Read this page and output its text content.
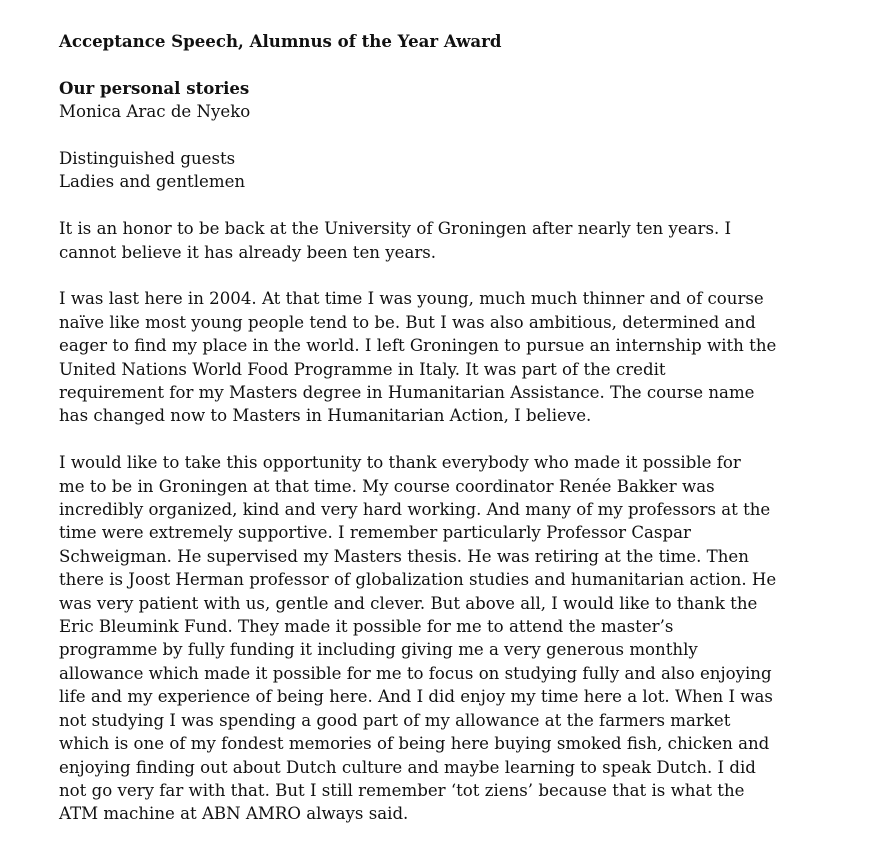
Acceptance Speech, Alumnus of the Year Award
Our personal stories
Monica Arac de Nyeko
Distinguished guests
Ladies and gentlemen
It is an honor to be back at the University of Groningen after nearly ten years. I
cannot believe it has already been ten years.
I was last here in 2004. At that time I was young, much much thinner and of course
naïve like most young people tend to be. But I was also ambitious, determined and
eager to find my place in the world. I left Groningen to pursue an internship with the
United Nations World Food Programme in Italy. It was part of the credit
requirement for my Masters degree in Humanitarian Assistance. The course name
has changed now to Masters in Humanitarian Action, I believe.
I would like to take this opportunity to thank everybody who made it possible for
me to be in Groningen at that time. My course coordinator Renée Bakker was
incredibly organized, kind and very hard working. And many of my professors at the
time were extremely supportive. I remember particularly Professor Caspar
Schweigman. He supervised my Masters thesis. He was retiring at the time. Then
there is Joost Herman professor of globalization studies and humanitarian action. He
was very patient with us, gentle and clever. But above all, I would like to thank the
Eric Bleumink Fund. They made it possible for me to attend the master’s
programme by fully funding it including giving me a very generous monthly
allowance which made it possible for me to focus on studying fully and also enjoying
life and my experience of being here. And I did enjoy my time here a lot. When I was
not studying I was spending a good part of my allowance at the farmers market
which is one of my fondest memories of being here buying smoked fish, chicken and
enjoying finding out about Dutch culture and maybe learning to speak Dutch. I did
not go very far with that. But I still remember ‘tot ziens’ because that is what the
ATM machine at ABN AMRO always said.
